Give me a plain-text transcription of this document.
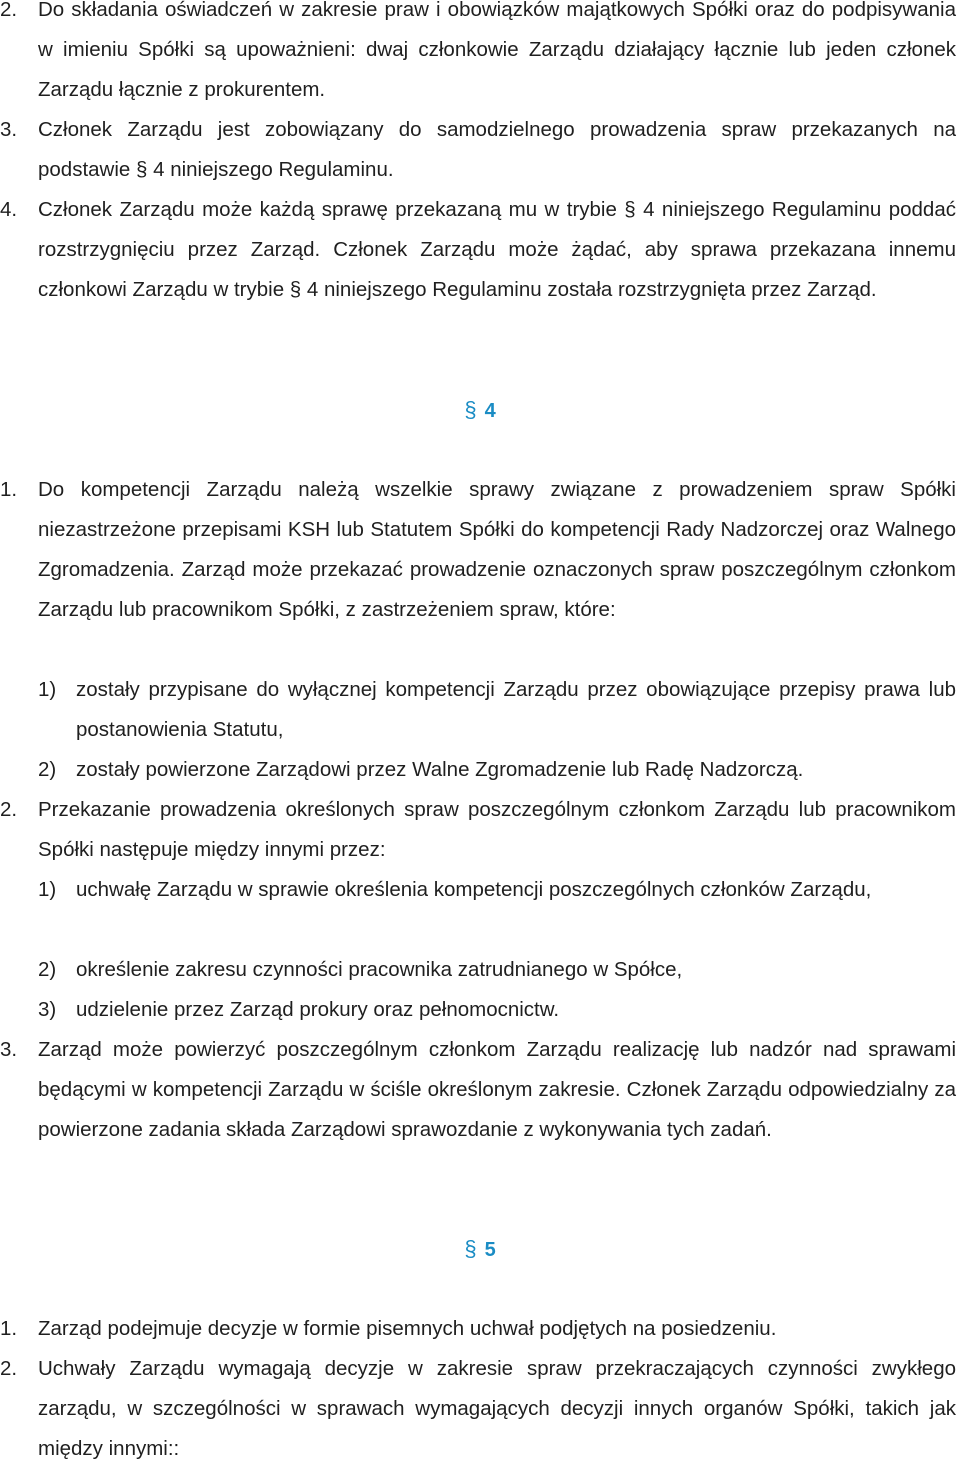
2. Do składania oświadczeń w zakresie praw i obowiązków majątkowych Spółki oraz do podpisywania w imieniu Spółki są upoważnieni: dwaj członkowie Zarządu działający łącznie lub jeden członek Zarządu łącznie z prokurentem.

3. Członek Zarządu jest zobowiązany do samodzielnego prowadzenia spraw przekazanych na podstawie § 4 niniejszego Regulaminu.

4. Członek Zarządu może każdą sprawę przekazaną mu w trybie § 4 niniejszego Regulaminu poddać rozstrzygnięciu przez Zarząd. Członek Zarządu może żądać, aby sprawa przekazana innemu członkowi Zarządu w trybie § 4 niniejszego Regulaminu została rozstrzygnięta przez Zarząd.

§ 4

1. Do kompetencji Zarządu należą wszelkie sprawy związane z prowadzeniem spraw Spółki niezastrzeżone przepisami KSH lub Statutem Spółki do kompetencji Rady Nadzorczej oraz Walnego Zgromadzenia. Zarząd może przekazać prowadzenie oznaczonych spraw poszczególnym członkom Zarządu lub pracownikom Spółki, z zastrzeżeniem spraw, które:

1) zostały przypisane do wyłącznej kompetencji Zarządu przez obowiązujące przepisy prawa lub postanowienia Statutu,

2) zostały powierzone Zarządowi przez Walne Zgromadzenie lub Radę Nadzorczą.

2. Przekazanie prowadzenia określonych spraw poszczególnym członkom Zarządu lub pracownikom Spółki następuje między innymi przez:

1) uchwałę Zarządu w sprawie określenia kompetencji poszczególnych członków Zarządu,

2) określenie zakresu czynności pracownika zatrudnianego w Spółce,

3) udzielenie przez Zarząd prokury oraz pełnomocnictw.

3. Zarząd może powierzyć poszczególnym członkom Zarządu realizację lub nadzór nad sprawami będącymi w kompetencji Zarządu w ściśle określonym zakresie. Członek Zarządu odpowiedzialny za powierzone zadania składa Zarządowi sprawozdanie z wykonywania tych zadań.

§ 5

1. Zarząd podejmuje decyzje w formie pisemnych uchwał podjętych na posiedzeniu.

2. Uchwały Zarządu wymagają decyzje w zakresie spraw przekraczających czynności zwykłego zarządu, w szczególności w sprawach wymagających decyzji innych organów Spółki, takich jak między innymi::
